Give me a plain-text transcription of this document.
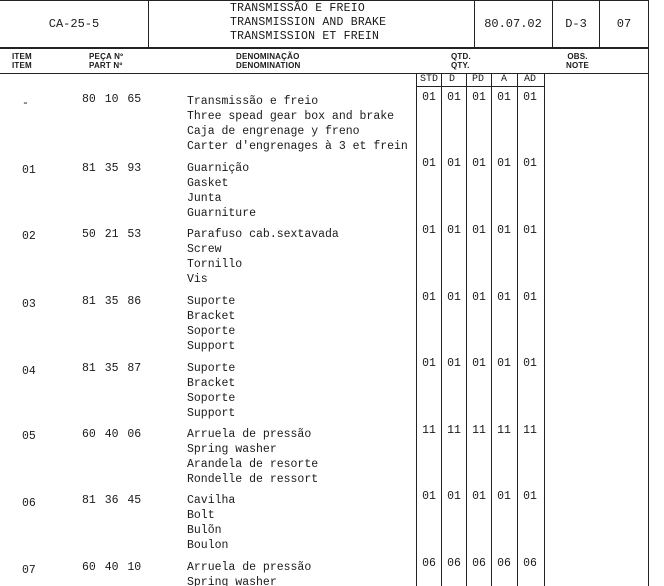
CA-25-5
TRANSMISSÃO E FREIO
TRANSMISSION AND BRAKE
TRANSMISSION ET FREIN
80.07.02	D-3	07
ITEM
ITEM
PEÇA Nº
PART Nº
DENOMINAÇÃO
DENOMINATION
QTD.
QTY.
OBS.
NOTE
STD	D	PD	A	AD
-	80 10 65	Transmissão e freio
Three spead gear box and brake
Caja de engrenage y freno
Carter d'engrenages à 3 et frein
01 01 01 01	01
01	81 35 93	Guarnição
Gasket
Junta
Guarniture
01 01 01 01	01
02	50 21 53	Parafuso cab.sextavada
Screw
Tornillo
Vis
01 01 01 01	01
03	81 35 86	Suporte
Bracket
Soporte
Support
01 01 01 01	01
04	81 35 87	Suporte
Bracket
Soporte
Support
01 01 01 01	01
05	60 40 06	Arruela de pressão
Spring washer
Arandela de resorte
Rondelle de ressort
11 11 11 11	11
06	81 36 45	Cavilha
Bolt
Bulõn
Boulon
01 01 01 01	01
07	60 40 10	Arruela de pressão
Spring washer
06 06 06 06	06
